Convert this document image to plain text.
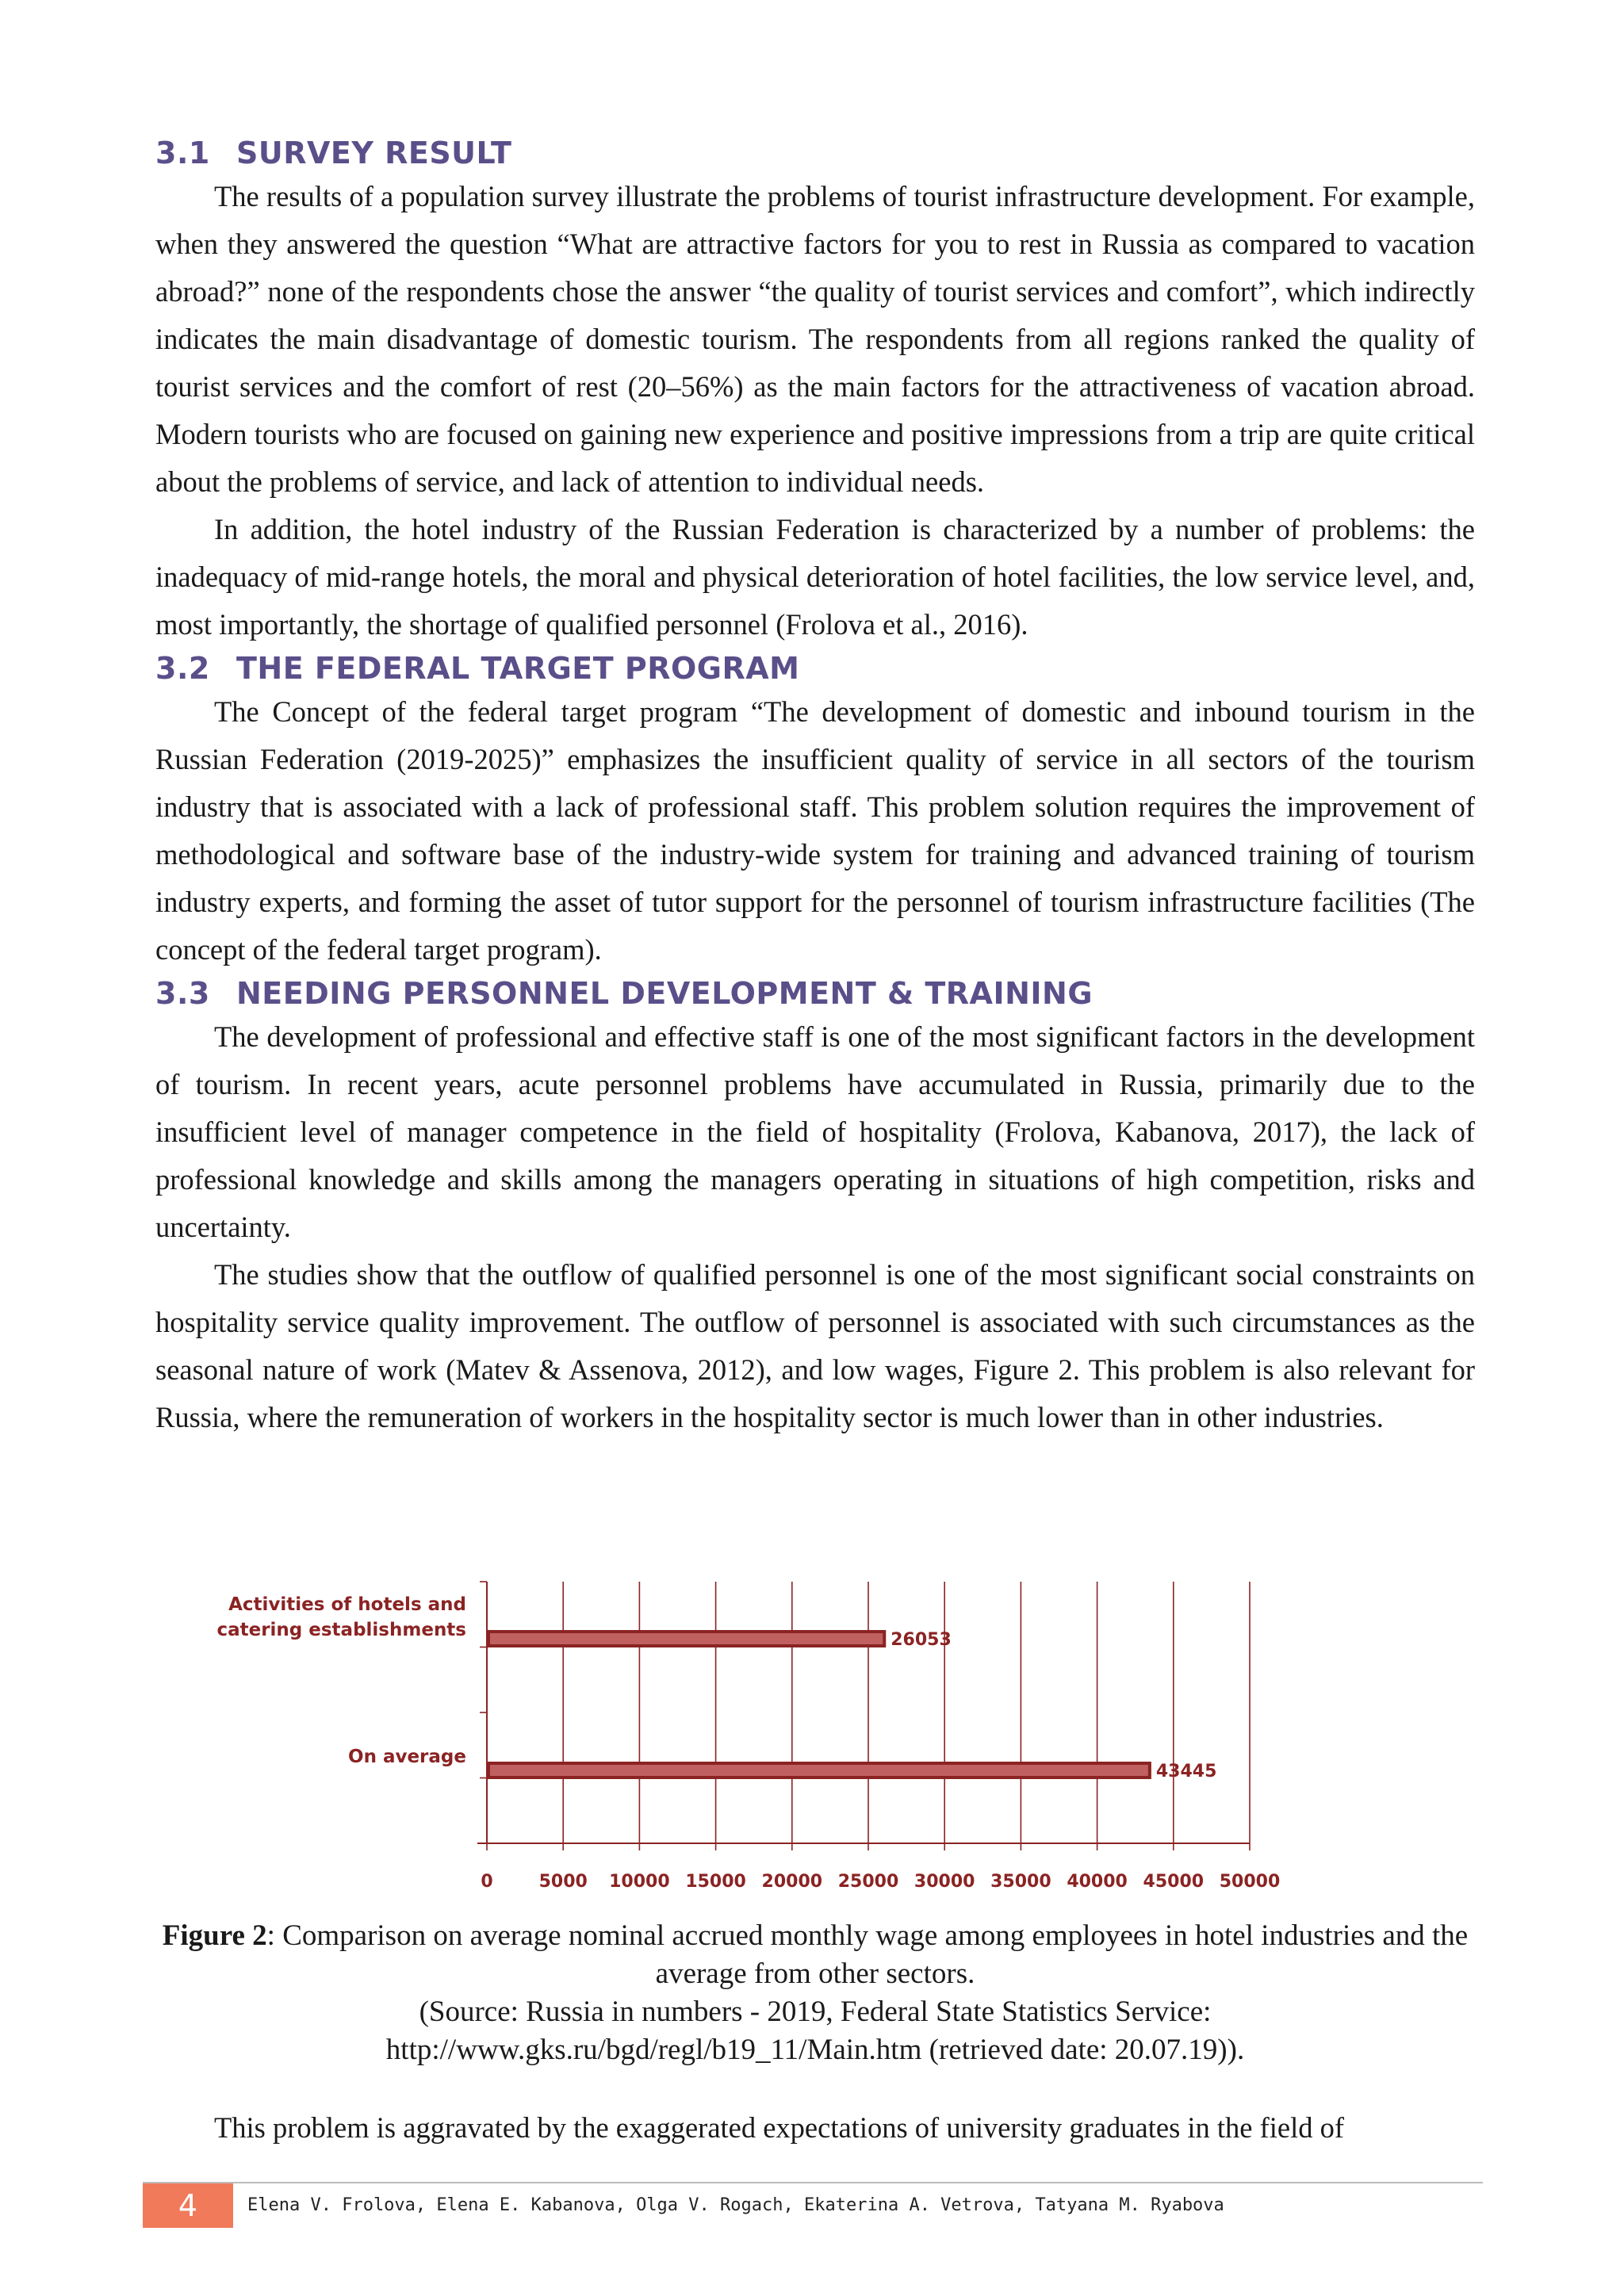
3.1 SURVEY RESULT

The results of a population survey illustrate the problems of tourist infrastructure development. For example, when they answered the question “What are attractive factors for you to rest in Russia as compared to vacation abroad?” none of the respondents chose the answer “the quality of tourist services and comfort”, which indirectly indicates the main disadvantage of domestic tourism. The respondents from all regions ranked the quality of tourist services and the comfort of rest (20–56%) as the main factors for the attractiveness of vacation abroad. Modern tourists who are focused on gaining new experience and positive impressions from a trip are quite critical about the problems of service, and lack of attention to individual needs.

In addition, the hotel industry of the Russian Federation is characterized by a number of problems: the inadequacy of mid-range hotels, the moral and physical deterioration of hotel facilities, the low service level, and, most importantly, the shortage of qualified personnel (Frolova et al., 2016).

3.2 THE FEDERAL TARGET PROGRAM

The Concept of the federal target program “The development of domestic and inbound tourism in the Russian Federation (2019-2025)” emphasizes the insufficient quality of service in all sectors of the tourism industry that is associated with a lack of professional staff. This problem solution requires the improvement of methodological and software base of the industry-wide system for training and advanced training of tourism industry experts, and forming the asset of tutor support for the personnel of tourism infrastructure facilities (The concept of the federal target program).

3.3 NEEDING PERSONNEL DEVELOPMENT & TRAINING

The development of professional and effective staff is one of the most significant factors in the development of tourism. In recent years, acute personnel problems have accumulated in Russia, primarily due to the insufficient level of manager competence in the field of hospitality (Frolova, Kabanova, 2017), the lack of professional knowledge and skills among the managers operating in situations of high competition, risks and uncertainty.

The studies show that the outflow of qualified personnel is one of the most significant social constraints on hospitality service quality improvement. The outflow of personnel is associated with such circumstances as the seasonal nature of work (Matev & Assenova, 2012), and low wages, Figure 2. This problem is also relevant for Russia, where the remuneration of workers in the hospitality sector is much lower than in other industries.

0	5000 10000 15000 20000 25000 30000 35000 40000 45000 50000
26053
Activities of hotels and catering establishments
43445
On average
Figure 2: Comparison on average nominal accrued monthly wage among employees in hotel industries and the average from other sectors.
(Source: Russia in numbers - 2019, Federal State Statistics Service:
http://www.gks.ru/bgd/regl/b19_11/Main.htm (retrieved date: 20.07.19)).

This problem is aggravated by the exaggerated expectations of university graduates in the field of

4	Elena V. Frolova, Elena E. Kabanova, Olga V. Rogach, Ekaterina A. Vetrova, Tatyana M. Ryabova
